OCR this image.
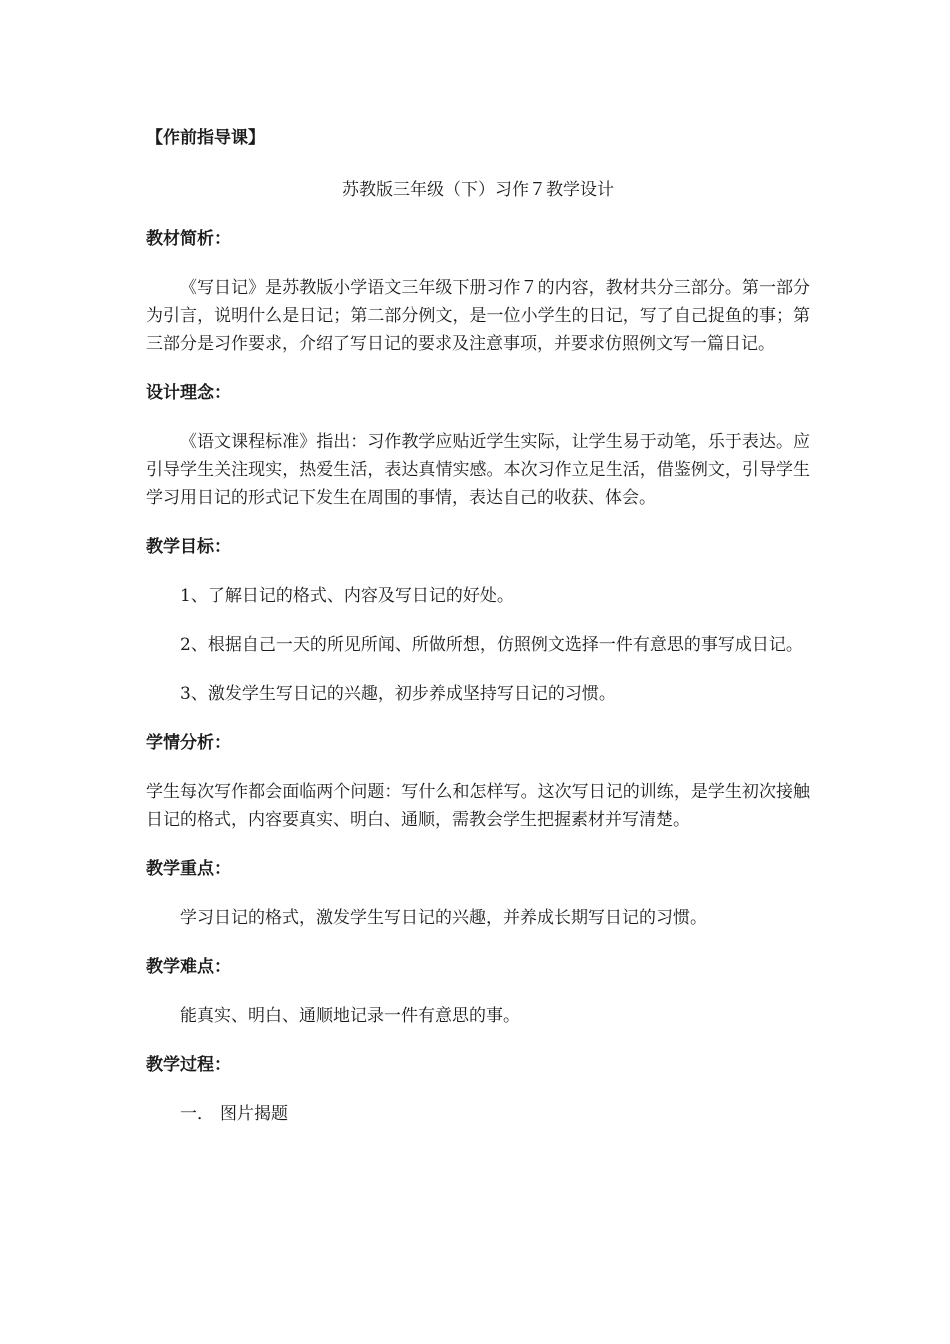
【作前指导课】
苏教版三年级（下）习作７教学设计
教材简析：

《写日记》是苏教版小学语文三年级下册习作７的内容，教材共分三部分。第一部分为引言，说明什么是日记；第二部分例文，是一位小学生的日记，写了自己捉鱼的事；第三部分是习作要求，介绍了写日记的要求及注意事项，并要求仿照例文写一篇日记。

设计理念：

《语文课程标准》指出：习作教学应贴近学生实际，让学生易于动笔，乐于表达。应引导学生关注现实，热爱生活，表达真情实感。本次习作立足生活，借鉴例文，引导学生学习用日记的形式记下发生在周围的事情，表达自己的收获、体会。

教学目标：

1、了解日记的格式、内容及写日记的好处。

2、根据自己一天的所见所闻、所做所想，仿照例文选择一件有意思的事写成日记。

3、激发学生写日记的兴趣，初步养成坚持写日记的习惯。

学情分析：

学生每次写作都会面临两个问题：写什么和怎样写。这次写日记的训练，是学生初次接触日记的格式，内容要真实、明白、通顺，需教会学生把握素材并写清楚。

教学重点：

学习日记的格式，激发学生写日记的兴趣，并养成长期写日记的习惯。

教学难点：

能真实、明白、通顺地记录一件有意思的事。

教学过程：

一． 图片揭题
